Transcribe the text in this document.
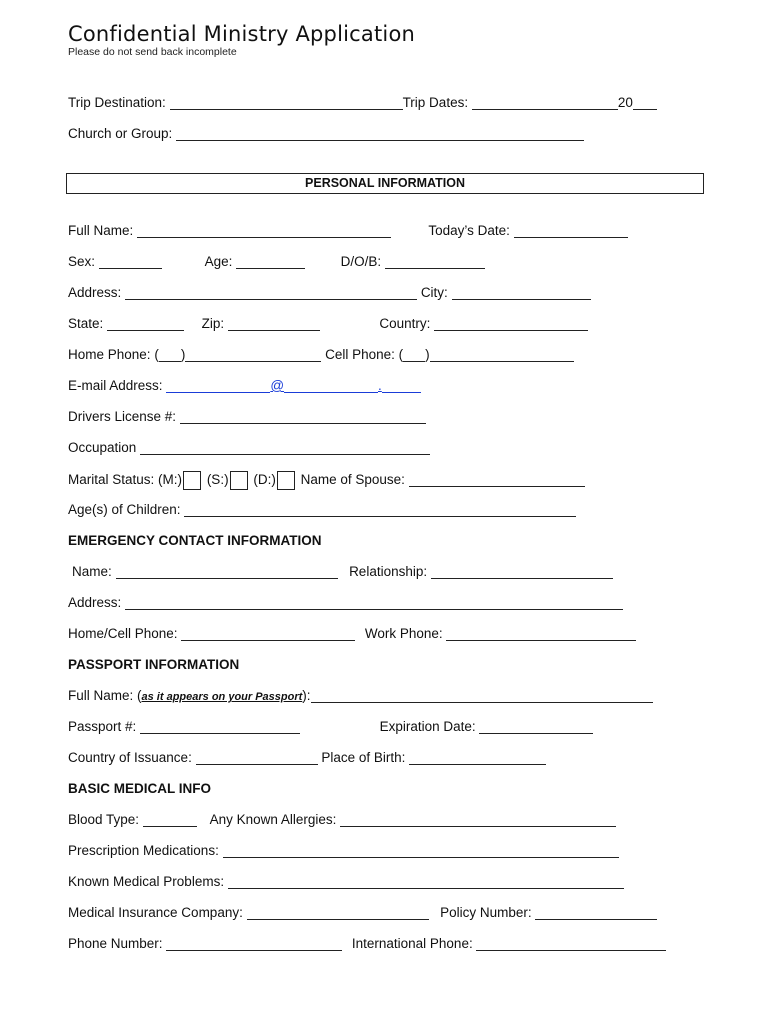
Confidential Ministry Application
Please do not send back incomplete
Trip Destination:	Trip Dates:	20
Church or Group:
PERSONAL INFORMATION
Full Name:	Today’s Date:
Sex:	Age:	D/O/B:
Address:	City:
State:	Zip:	Country:
Home Phone: ( )	Cell Phone: ( )
E-mail Address:	@	.
Drivers License #:
Occupation
Marital Status: (M:) (S:) (D:) Name of Spouse:
Age(s) of Children:
EMERGENCY CONTACT INFORMATION
Name:	Relationship:
Address:
Home/Cell Phone:	Work Phone:
PASSPORT INFORMATION
Full Name: (as it appears on your Passport):
Passport #:	Expiration Date:
Country of Issuance:	Place of Birth:
BASIC MEDICAL INFO
Blood Type:	Any Known Allergies:
Prescription Medications:
Known Medical Problems:
Medical Insurance Company:	Policy Number:
Phone Number:	International Phone:
